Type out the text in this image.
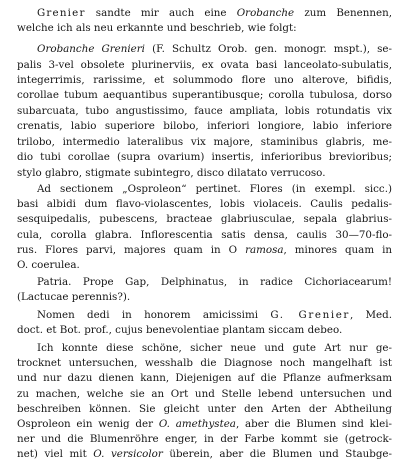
Grenier sandte mir auch eine Orobanche zum Benennen,
welche ich als neu erkannte und beschrieb, wie folgt:
Orobanche Grenieri (F. Schultz Orob. gen. monogr. mspt.), se-
palis 3-vel obsolete plurinerviis, ex ovata basi lanceolato-subulatis,
integerrimis, rarissime, et solummodo flore uno alterove, bifidis,
corollae tubum aequantibus superantibusque; corolla tubulosa, dorso
subarcuata, tubo angustissimo, fauce ampliata, lobis rotundatis vix
crenatis, labio superiore bilobo, inferiori longiore, labio inferiore
trilobo, intermedio lateralibus vix majore, staminibus glabris, me-
dio tubi corollae (supra ovarium) insertis, inferioribus brevioribus;
stylo glabro, stigmate subintegro, disco dilatato verrucoso.
Ad sectionem „Osproleon“ pertinet. Flores (in exempl. sicc.)
basi albidi dum flavo-violascentes, lobis violaceis. Caulis pedalis-
sesquipedalis, pubescens, bracteae glabriusculae, sepala glabrius-
cula, corolla glabra. Inflorescentia satis densa, caulis 30—70-flo-
rus. Flores parvi, majores quam in O ramosa, minores quam in
O. coerulea.
Patria. Prope Gap, Delphinatus, in radice Cichoriacearum!
(Lactucae perennis?).
Nomen dedi in honorem amicissimi G. Grenier, Med.
doct. et Bot. prof., cujus benevolentiae plantam siccam debeo.
Ich konnte diese schöne, sicher neue und gute Art nur ge-
trocknet untersuchen, wesshalb die Diagnose noch mangelhaft ist
und nur dazu dienen kann, Diejenigen auf die Pflanze aufmerksam
zu machen, welche sie an Ort und Stelle lebend untersuchen und
beschreiben können. Sie gleicht unter den Arten der Abtheilung
Osproleon ein wenig der O. amethystea, aber die Blumen sind klei-
ner und die Blumenröhre enger, in der Farbe kommt sie (getrock-
net) viel mit O. versicolor überein, aber die Blumen und Staubge-
